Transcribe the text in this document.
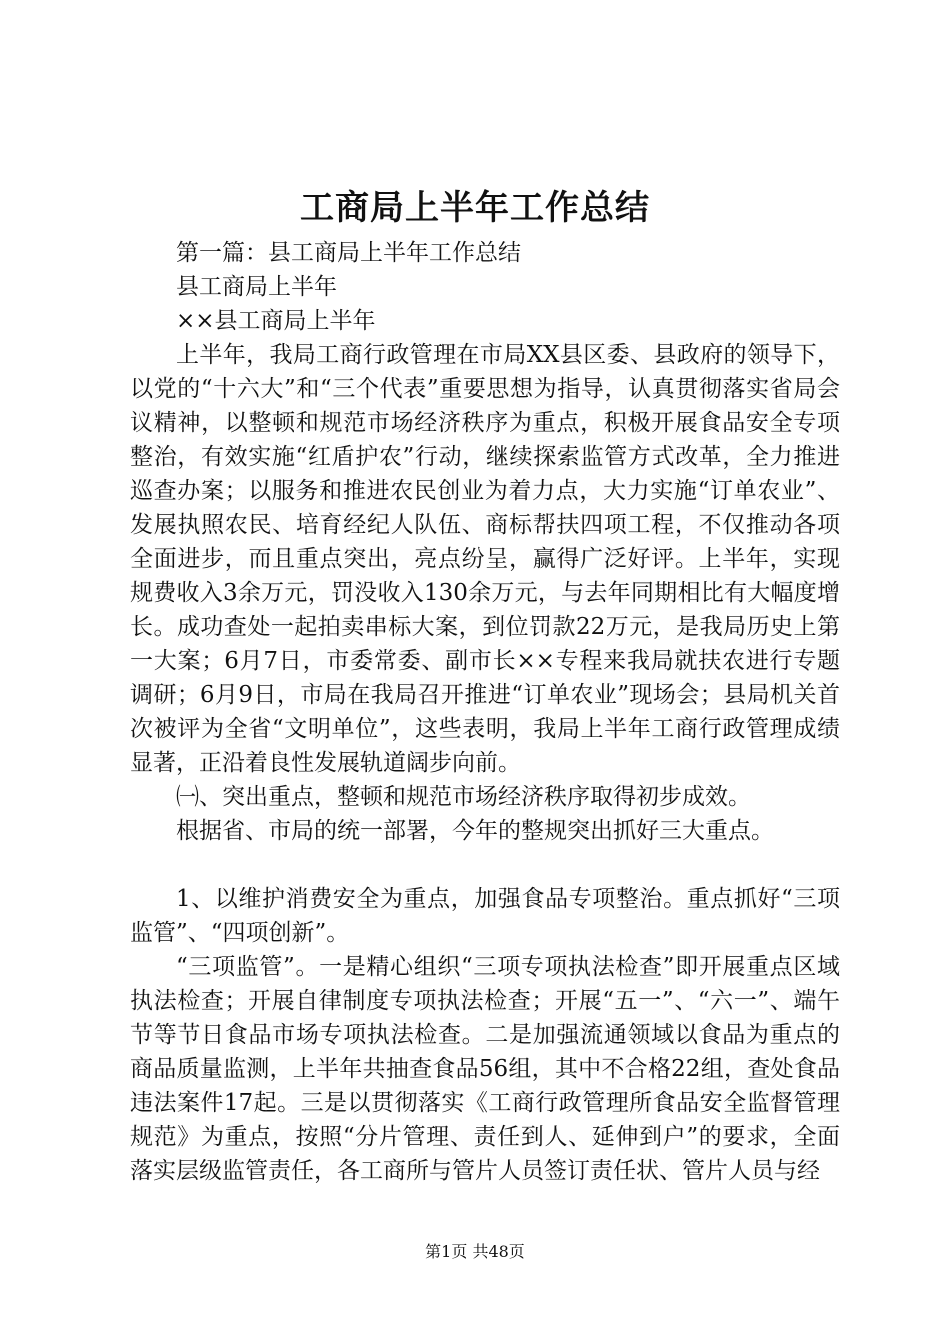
工商局上半年工作总结

第一篇：县工商局上半年工作总结

县工商局上半年

××县工商局上半年

上半年，我局工商行政管理在市局XX县区委、县政府的领导下，以党的“十六大”和“三个代表”重要思想为指导，认真贯彻落实省局会议精神，以整顿和规范市场经济秩序为重点，积极开展食品安全专项整治，有效实施“红盾护农”行动，继续探索监管方式改革，全力推进巡查办案；以服务和推进农民创业为着力点，大力实施“订单农业”、发展执照农民、培育经纪人队伍、商标帮扶四项工程，不仅推动各项全面进步，而且重点突出，亮点纷呈，赢得广泛好评。上半年，实现规费收入3余万元，罚没收入130余万元，与去年同期相比有大幅度增长。成功查处一起拍卖串标大案，到位罚款22万元，是我局历史上第一大案；6月7日，市委常委、副市长××专程来我局就扶农进行专题调研；6月9日，市局在我局召开推进“订单农业”现场会；县局机关首次被评为全省“文明单位”，这些表明，我局上半年工商行政管理成绩显著，正沿着良性发展轨道阔步向前。

㈠、突出重点，整顿和规范市场经济秩序取得初步成效。

根据省、市局的统一部署，今年的整规突出抓好三大重点。

1、以维护消费安全为重点，加强食品专项整治。重点抓好“三项监管”、“四项创新”。

“三项监管”。一是精心组织“三项专项执法检查”即开展重点区域执法检查；开展自律制度专项执法检查；开展“五一”、“六一”、端午节等节日食品市场专项执法检查。二是加强流通领域以食品为重点的商品质量监测，上半年共抽查食品56组，其中不合格22组，查处食品违法案件17起。三是以贯彻落实《工商行政管理所食品安全监督管理规范》为重点，按照“分片管理、责任到人、延伸到户”的要求，全面落实层级监管责任，各工商所与管片人员签订责任状、管片人员与经

第1页 共48页
